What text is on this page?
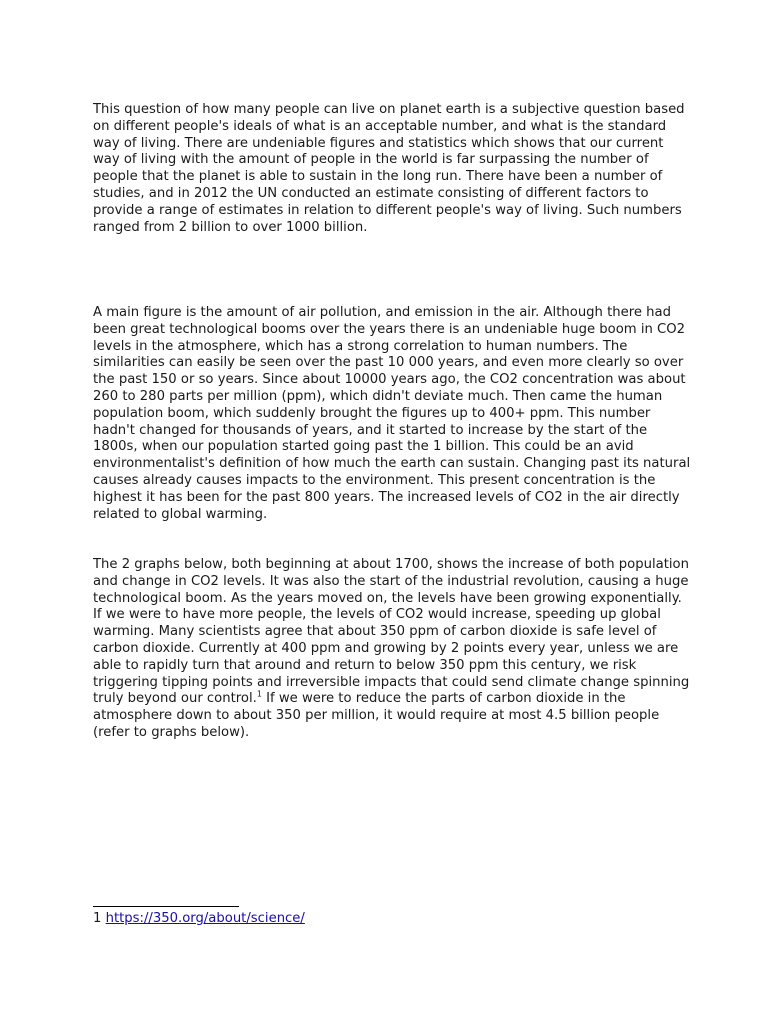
This question of how many people can live on planet earth is a subjective question based on different people's ideals of what is an acceptable number, and what is the standard way of living. There are undeniable figures and statistics which shows that our current way of living with the amount of people in the world is far surpassing the number of people that the planet is able to sustain in the long run. There have been a number of studies, and in 2012 the UN conducted an estimate consisting of different factors to provide a range of estimates in relation to different people's way of living. Such numbers ranged from 2 billion to over 1000 billion.

A main figure is the amount of air pollution, and emission in the air. Although there had been great technological booms over the years there is an undeniable huge boom in CO2 levels in the atmosphere, which has a strong correlation to human numbers. The similarities can easily be seen over the past 10 000 years, and even more clearly so over the past 150 or so years. Since about 10000 years ago, the CO2 concentration was about 260 to 280 parts per million (ppm), which didn't deviate much. Then came the human population boom, which suddenly brought the figures up to 400+ ppm. This number hadn't changed for thousands of years, and it started to increase by the start of the 1800s, when our population started going past the 1 billion. This could be an avid environmentalist's definition of how much the earth can sustain. Changing past its natural causes already causes impacts to the environment. This present concentration is the highest it has been for the past 800 years. The increased levels of CO2 in the air directly related to global warming.

The 2 graphs below, both beginning at about 1700, shows the increase of both population and change in CO2 levels. It was also the start of the industrial revolution, causing a huge technological boom. As the years moved on, the levels have been growing exponentially. If we were to have more people, the levels of CO2 would increase, speeding up global warming. Many scientists agree that about 350 ppm of carbon dioxide is safe level of carbon dioxide. Currently at 400 ppm and growing by 2 points every year, unless we are able to rapidly turn that around and return to below 350 ppm this century, we risk triggering tipping points and irreversible impacts that could send climate change spinning truly beyond our control.$^1$ If we were to reduce the parts of carbon dioxide in the atmosphere down to about 350 per million, it would require at most 4.5 billion people (refer to graphs below).

1 https://350.org/about/science/
